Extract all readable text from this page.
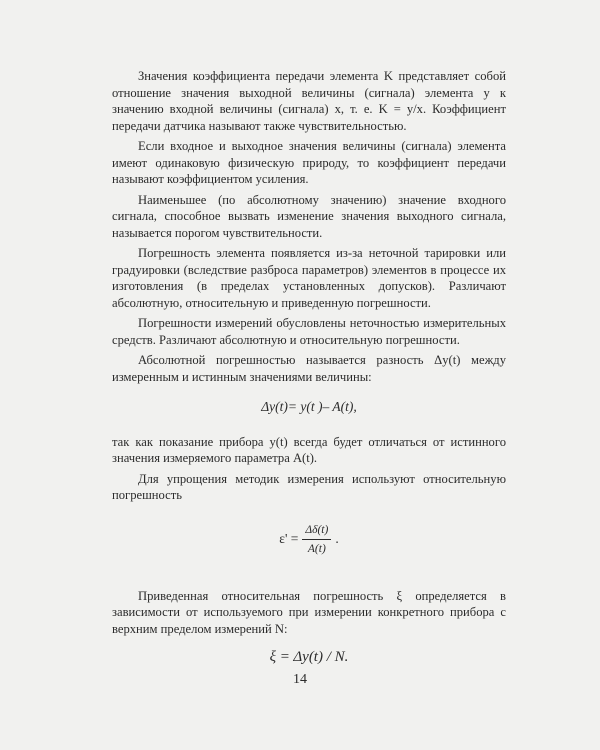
Значения коэффициента передачи элемента K представляет собой отношение значения выходной величины (сигнала) элемента y к значению входной величины (сигнала) x, т. е. K = y/x. Коэффициент передачи датчика называют также чувствительностью.

Если входное и выходное значения величины (сигнала) элемента имеют одинаковую физическую природу, то коэффициент передачи называют коэффициентом усиления.

Наименьшее (по абсолютному значению) значение входного сигнала, способное вызвать изменение значения выходного сигнала, называется порогом чувствительности.

Погрешность элемента появляется из-за неточной тарировки или градуировки (вследствие разброса параметров) элементов в процессе их изготовления (в пределах установленных допусков). Различают абсолютную, относительную и приведенную погрешности.

Погрешности измерений обусловлены неточностью измерительных средств. Различают абсолютную и относительную погрешности.

Абсолютной погрешностью называется разность Δy(t) между измеренным и истинным значениями величины:

Δy(t)= y(t )– A(t),

так как показание прибора y(t) всегда будет отличаться от истинного значения измеряемого параметра A(t).

Для упрощения методик измерения используют относительную погрешность

$\varepsilon' = \frac{\Delta\delta(t)}{A(t)}$ .

Приведенная относительная погрешность ξ определяется в зависимости от используемого при измерении конкретного прибора с верхним пределом измерений N:

ξ = Δy(t) / N.
14
